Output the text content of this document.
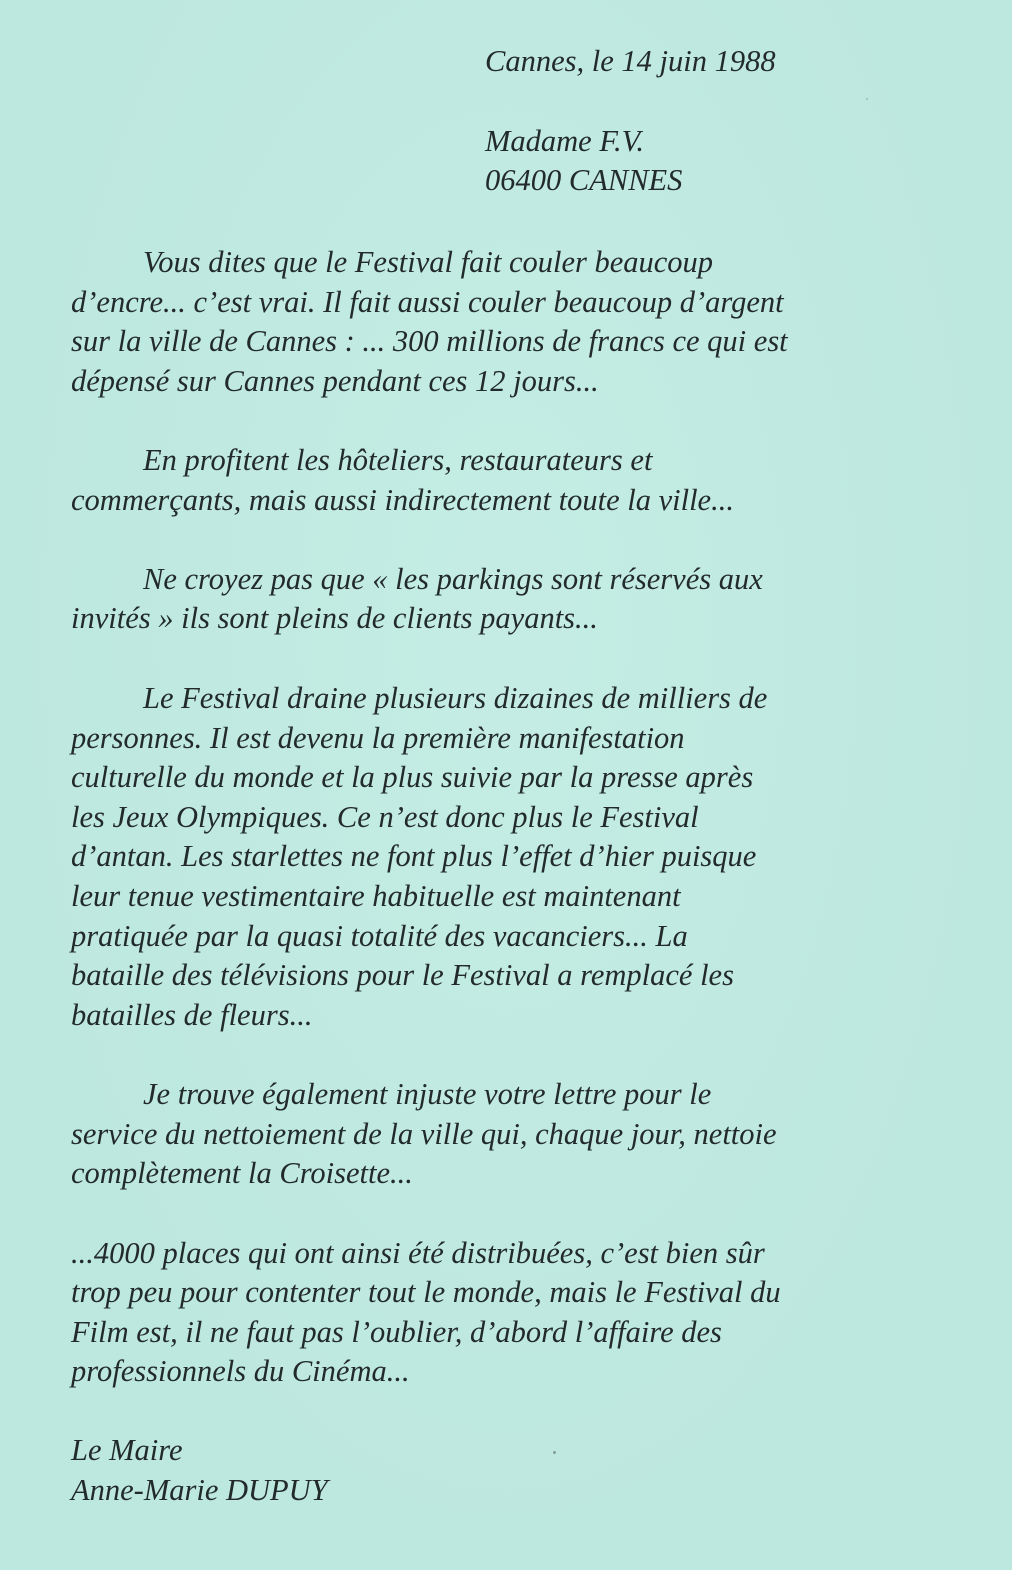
Cannes, le 14 juin 1988
Madame F.V.
06400 CANNES
Vous dites que le Festival fait couler beaucoup
d’encre... c’est vrai. Il fait aussi couler beaucoup d’argent
sur la ville de Cannes : ... 300 millions de francs ce qui est
dépensé sur Cannes pendant ces 12 jours...
En profitent les hôteliers, restaurateurs et
commerçants, mais aussi indirectement toute la ville...
Ne croyez pas que « les parkings sont réservés aux
invités » ils sont pleins de clients payants...
Le Festival draine plusieurs dizaines de milliers de
personnes. Il est devenu la première manifestation
culturelle du monde et la plus suivie par la presse après
les Jeux Olympiques. Ce n’est donc plus le Festival
d’antan. Les starlettes ne font plus l’effet d’hier puisque
leur tenue vestimentaire habituelle est maintenant
pratiquée par la quasi totalité des vacanciers... La
bataille des télévisions pour le Festival a remplacé les
batailles de fleurs...
Je trouve également injuste votre lettre pour le
service du nettoiement de la ville qui, chaque jour, nettoie
complètement la Croisette...
...4000 places qui ont ainsi été distribuées, c’est bien sûr
trop peu pour contenter tout le monde, mais le Festival du
Film est, il ne faut pas l’oublier, d’abord l’affaire des
professionnels du Cinéma...
Le Maire
Anne-Marie DUPUY
